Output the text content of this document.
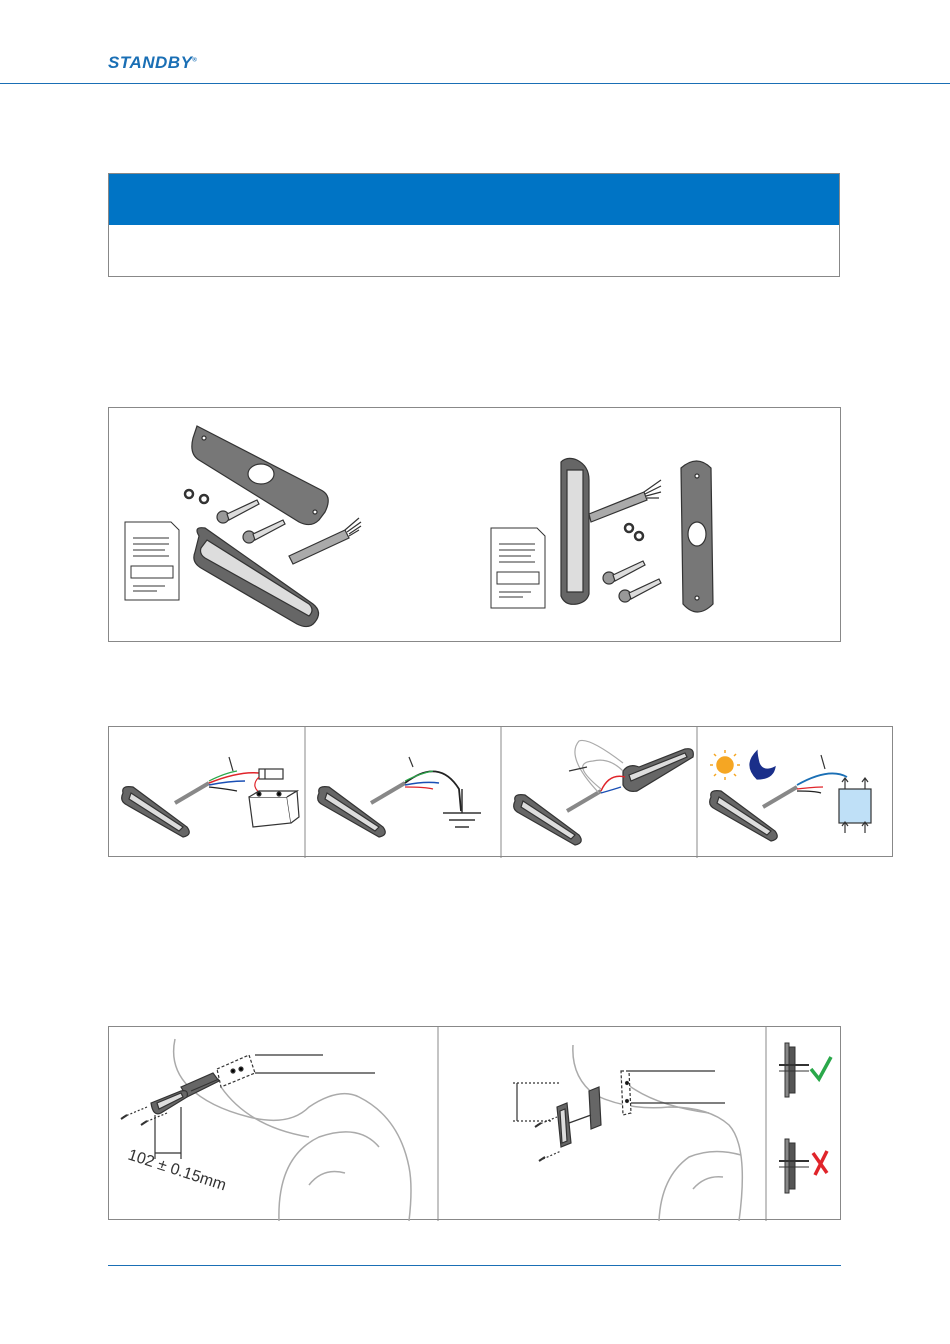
STANDBY®
102 ± 0.15mm
